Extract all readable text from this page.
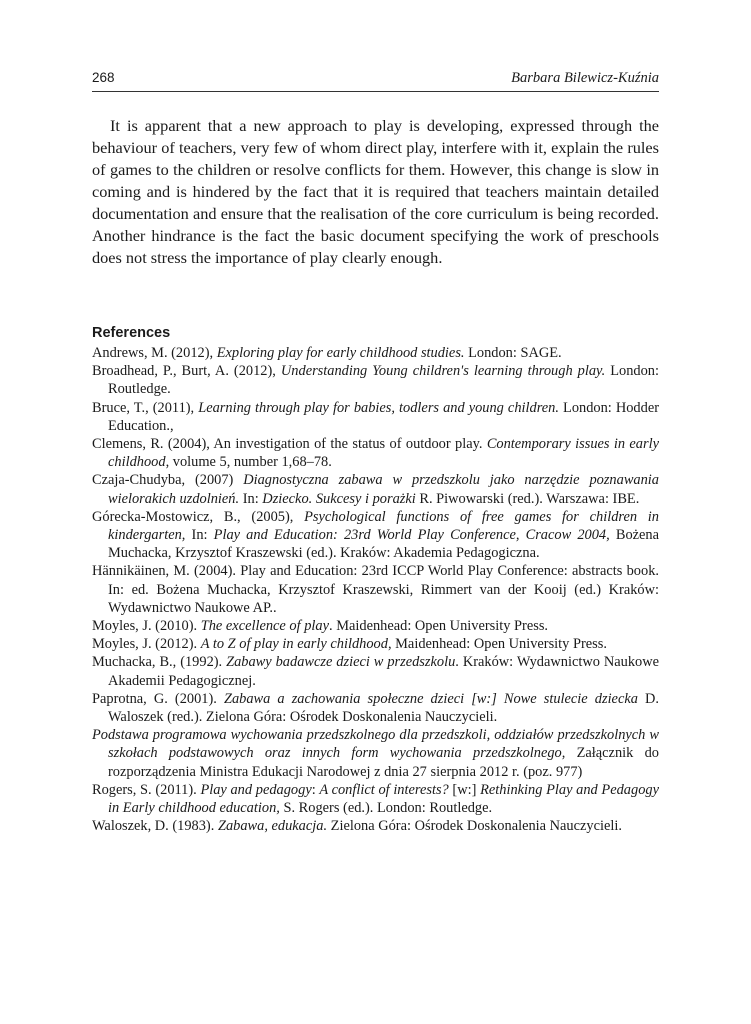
268	Barbara Bilewicz-Kuźnia

It is apparent that a new approach to play is developing, expressed through the behaviour of teachers, very few of whom direct play, interfere with it, explain the rules of games to the children or resolve conflicts for them. However, this change is slow in coming and is hindered by the fact that it is required that teachers maintain detailed documentation and ensure that the realisation of the core curriculum is being recorded. Another hindrance is the fact the basic document specifying the work of preschools does not stress the importance of play clearly enough.

References
Andrews, M. (2012), Exploring play for early childhood studies. London: SAGE.
Broadhead, P., Burt, A. (2012), Understanding Young children's learning through play. London: Routledge.
Bruce, T., (2011), Learning through play for babies, todlers and young children. London: Hodder Education.,
Clemens, R. (2004), An investigation of the status of outdoor play. Contemporary issues in early childhood, volume 5, number 1,68–78.
Czaja-Chudyba, (2007) Diagnostyczna zabawa w przedszkolu jako narzędzie poznawania wielorakich uzdolnień. In: Dziecko. Sukcesy i porażki R. Piwowarski (red.). Warszawa: IBE.
Górecka-Mostowicz, B., (2005), Psychological functions of free games for children in kindergarten, In: Play and Education: 23rd World Play Conference, Cracow 2004, Bożena Muchacka, Krzysztof Kraszewski (ed.). Kraków: Akademia Pedagogiczna.
Hännikäinen, M. (2004). Play and Education: 23rd ICCP World Play Conference: abstracts book. In: ed. Bożena Muchacka, Krzysztof Kraszewski, Rimmert van der Kooij (ed.) Kraków: Wydawnictwo Naukowe AP..
Moyles, J. (2010). The excellence of play. Maidenhead: Open University Press.
Moyles, J. (2012). A to Z of play in early childhood, Maidenhead: Open University Press.
Muchacka, B., (1992). Zabawy badawcze dzieci w przedszkolu. Kraków: Wydawnictwo Naukowe Akademii Pedagogicznej.
Paprotna, G. (2001). Zabawa a zachowania społeczne dzieci [w:] Nowe stulecie dziecka D. Waloszek (red.). Zielona Góra: Ośrodek Doskonalenia Nauczycieli.
Podstawa programowa wychowania przedszkolnego dla przedszkoli, oddziałów przedszkolnych w szkołach podstawowych oraz innych form wychowania przedszkolnego, Załącznik do rozporządzenia Ministra Edukacji Narodowej z dnia 27 sierpnia 2012 r. (poz. 977)
Rogers, S. (2011). Play and pedagogy: A conflict of interests? [w:] Rethinking Play and Pedagogy in Early childhood education, S. Rogers (ed.). London: Routledge.
Waloszek, D. (1983). Zabawa, edukacja. Zielona Góra: Ośrodek Doskonalenia Nauczycieli.
